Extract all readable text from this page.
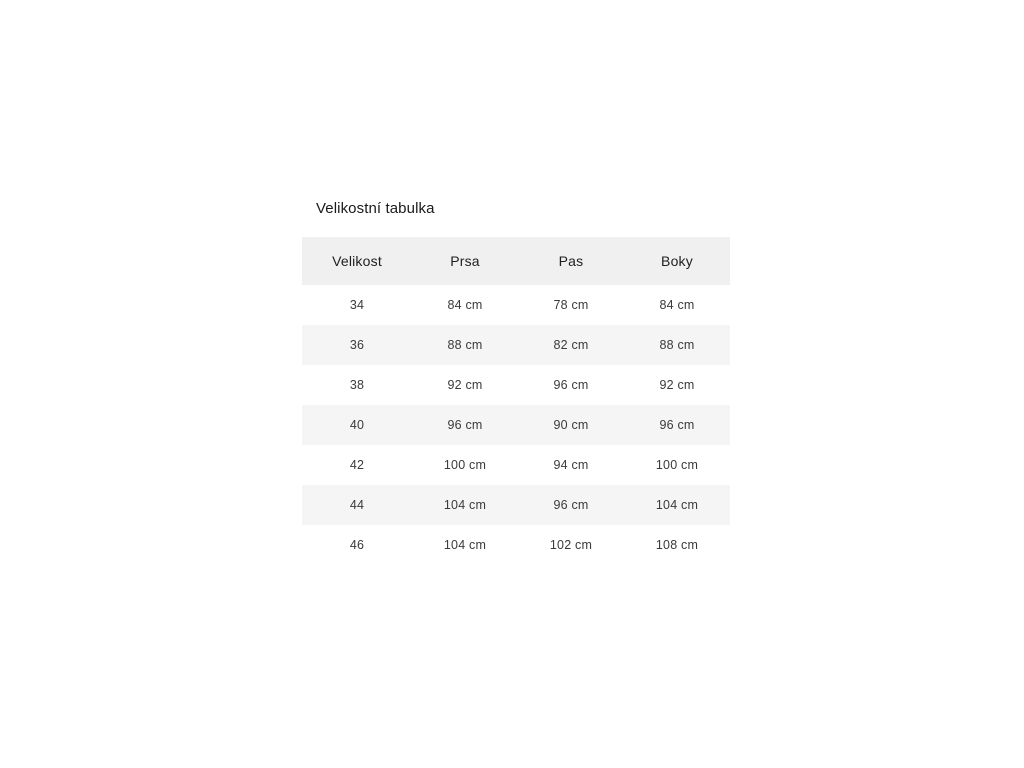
Velikostní tabulka
Velikost	Prsa	Pas	Boky
34	84 cm	78 cm	84 cm
36	88 cm	82 cm	88 cm
38	92 cm	96 cm	92 cm
40	96 cm	90 cm	96 cm
42	100 cm	94 cm	100 cm
44	104 cm	96 cm	104 cm
46	104 cm	102 cm	108 cm
